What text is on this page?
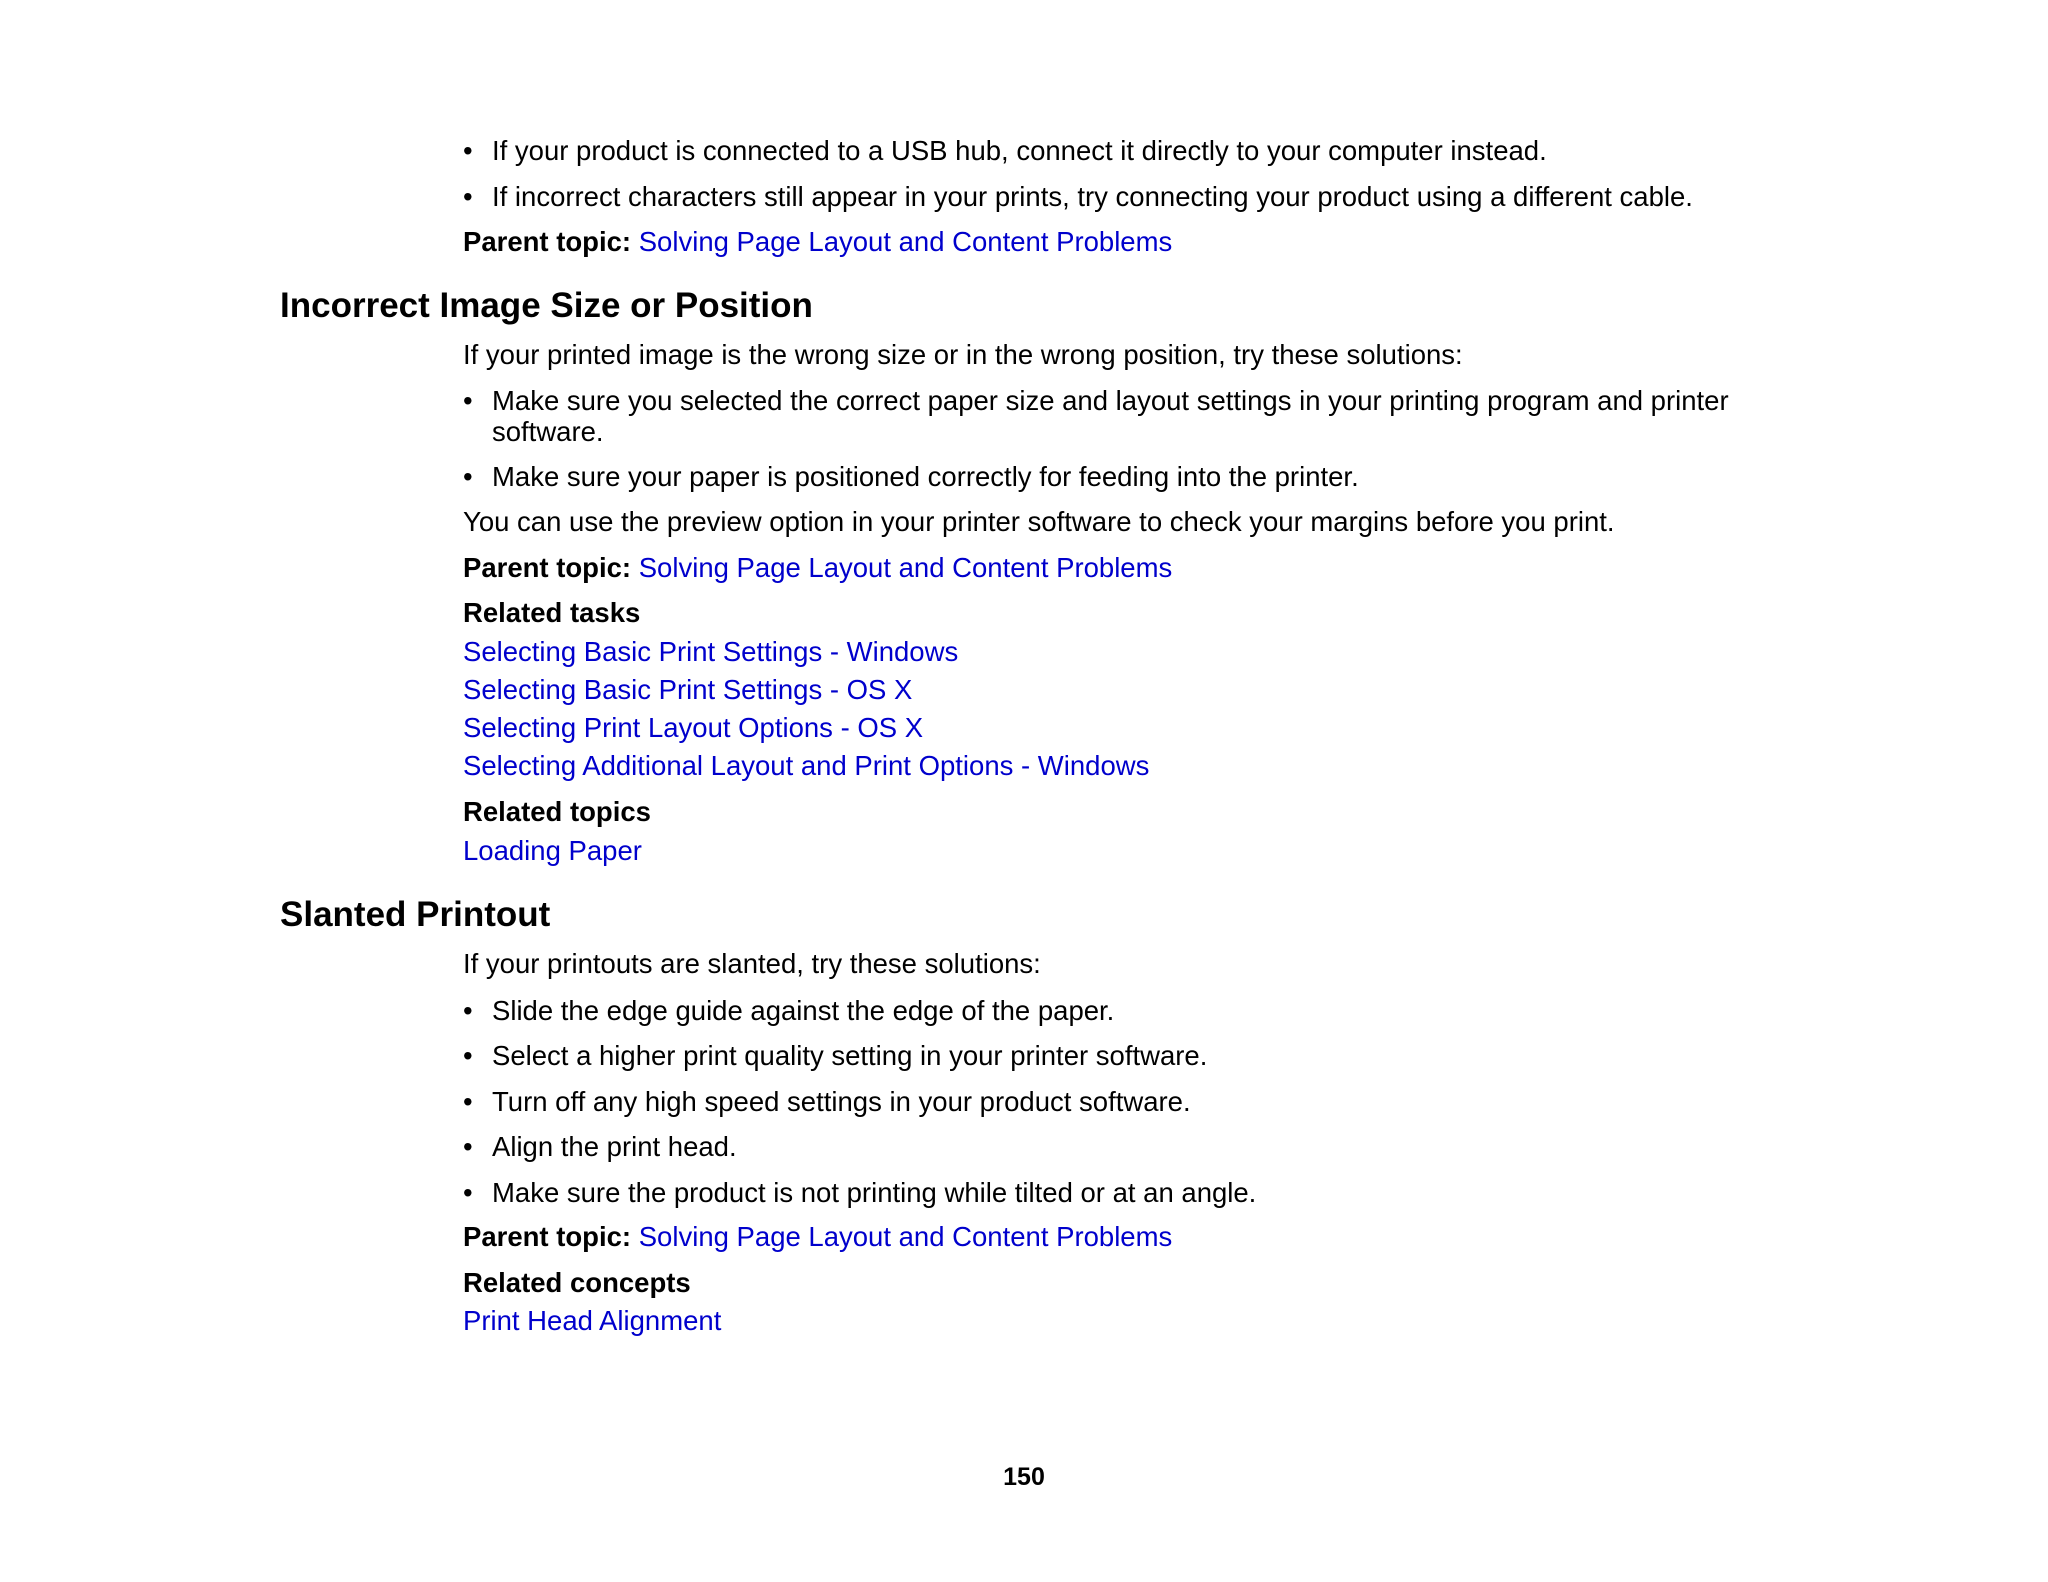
• If your product is connected to a USB hub, connect it directly to your computer instead.
• If incorrect characters still appear in your prints, try connecting your product using a different cable.
Parent topic: Solving Page Layout and Content Problems
Incorrect Image Size or Position
If your printed image is the wrong size or in the wrong position, try these solutions:
• Make sure you selected the correct paper size and layout settings in your printing program and printer software.
• Make sure your paper is positioned correctly for feeding into the printer.
You can use the preview option in your printer software to check your margins before you print.
Parent topic: Solving Page Layout and Content Problems
Related tasks
Selecting Basic Print Settings - Windows
Selecting Basic Print Settings - OS X
Selecting Print Layout Options - OS X
Selecting Additional Layout and Print Options - Windows
Related topics
Loading Paper
Slanted Printout
If your printouts are slanted, try these solutions:
• Slide the edge guide against the edge of the paper.
• Select a higher print quality setting in your printer software.
• Turn off any high speed settings in your product software.
• Align the print head.
• Make sure the product is not printing while tilted or at an angle.
Parent topic: Solving Page Layout and Content Problems
Related concepts
Print Head Alignment
150
